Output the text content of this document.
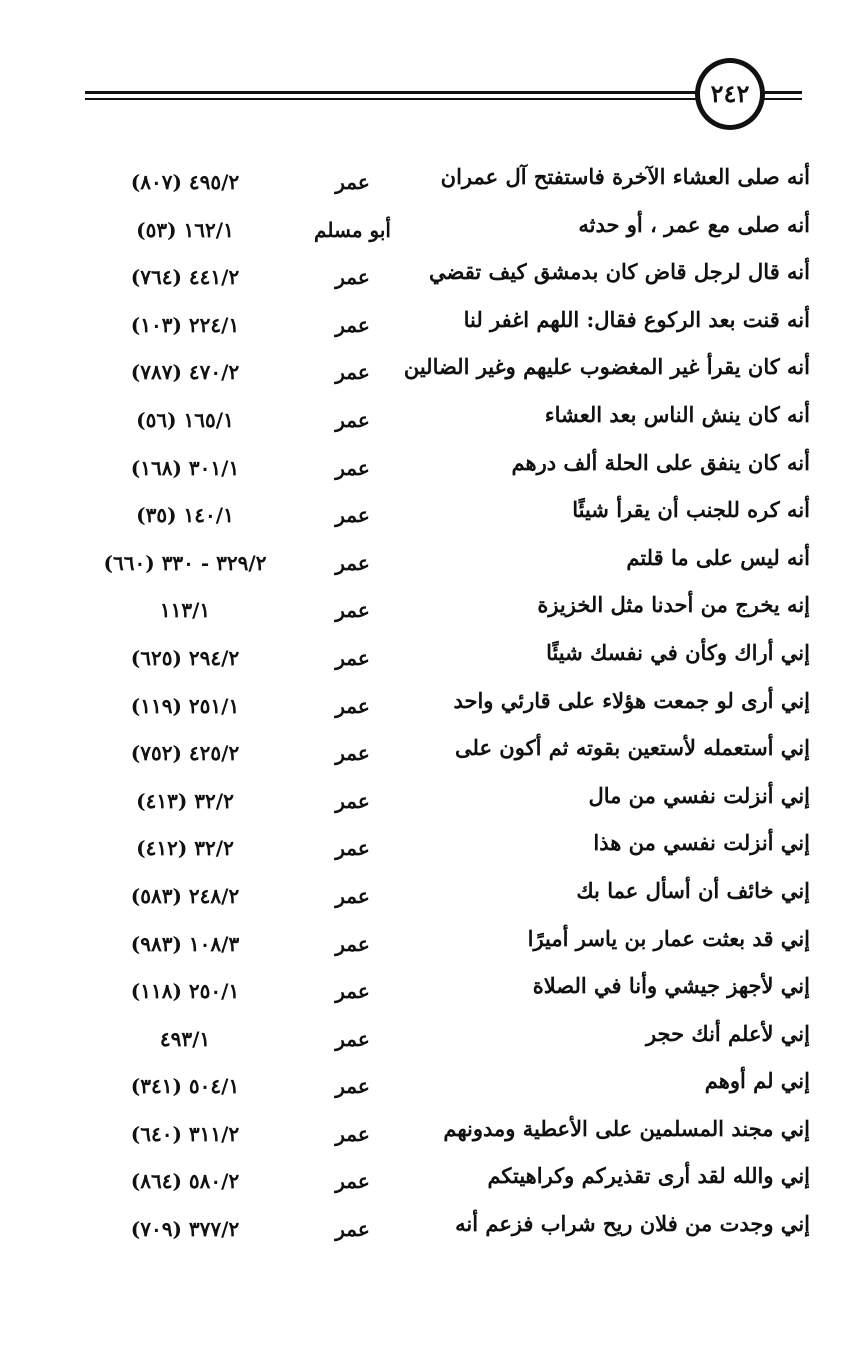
٢٤٢
أنه صلى العشاء الآخرة فاستفتح آل عمران
عمر
٤٩٥/٢ (٨٠٧)
أنه صلى مع عمر ، أو حدثه
أبو مسلم
١٦٢/١ (٥٣)
أنه قال لرجل قاض كان بدمشق كيف تقضي
عمر
٤٤١/٢ (٧٦٤)
أنه قنت بعد الركوع فقال: اللهم اغفر لنا
عمر
٢٢٤/١ (١٠٣)
أنه كان يقرأ غير المغضوب عليهم وغير الضالين
عمر
٤٧٠/٢ (٧٨٧)
أنه كان ينش الناس بعد العشاء
عمر
١٦٥/١ (٥٦)
أنه كان ينفق على الحلة ألف درهم
عمر
٣٠١/١ (١٦٨)
أنه كره للجنب أن يقرأ شيئًا
عمر
١٤٠/١ (٣٥)
أنه ليس على ما قلتم
عمر
٣٢٩/٢ - ٣٣٠ (٦٦٠)
إنه يخرج من أحدنا مثل الخزيزة
عمر
١١٣/١
إني أراك وكأن في نفسك شيئًا
عمر
٢٩٤/٢ (٦٢٥)
إني أرى لو جمعت هؤلاء على قارئي واحد
عمر
٢٥١/١ (١١٩)
إني أستعمله لأستعين بقوته ثم أكون على
عمر
٤٢٥/٢ (٧٥٢)
إني أنزلت نفسي من مال
عمر
٣٢/٢ (٤١٣)
إني أنزلت نفسي من هذا
عمر
٣٢/٢ (٤١٢)
إني خائف أن أسأل عما بك
عمر
٢٤٨/٢ (٥٨٣)
إني قد بعثت عمار بن ياسر أميرًا
عمر
١٠٨/٣ (٩٨٣)
إني لأجهز جيشي وأنا في الصلاة
عمر
٢٥٠/١ (١١٨)
إني لأعلم أنك حجر
عمر
٤٩٣/١
إني لم أوهم
عمر
٥٠٤/١ (٣٤١)
إني مجند المسلمين على الأعطية ومدونهم
عمر
٣١١/٢ (٦٤٠)
إني والله لقد أرى تقذيركم وكراهيتكم
عمر
٥٨٠/٢ (٨٦٤)
إني وجدت من فلان ريح شراب فزعم أنه
عمر
٣٧٧/٢ (٧٠٩)
